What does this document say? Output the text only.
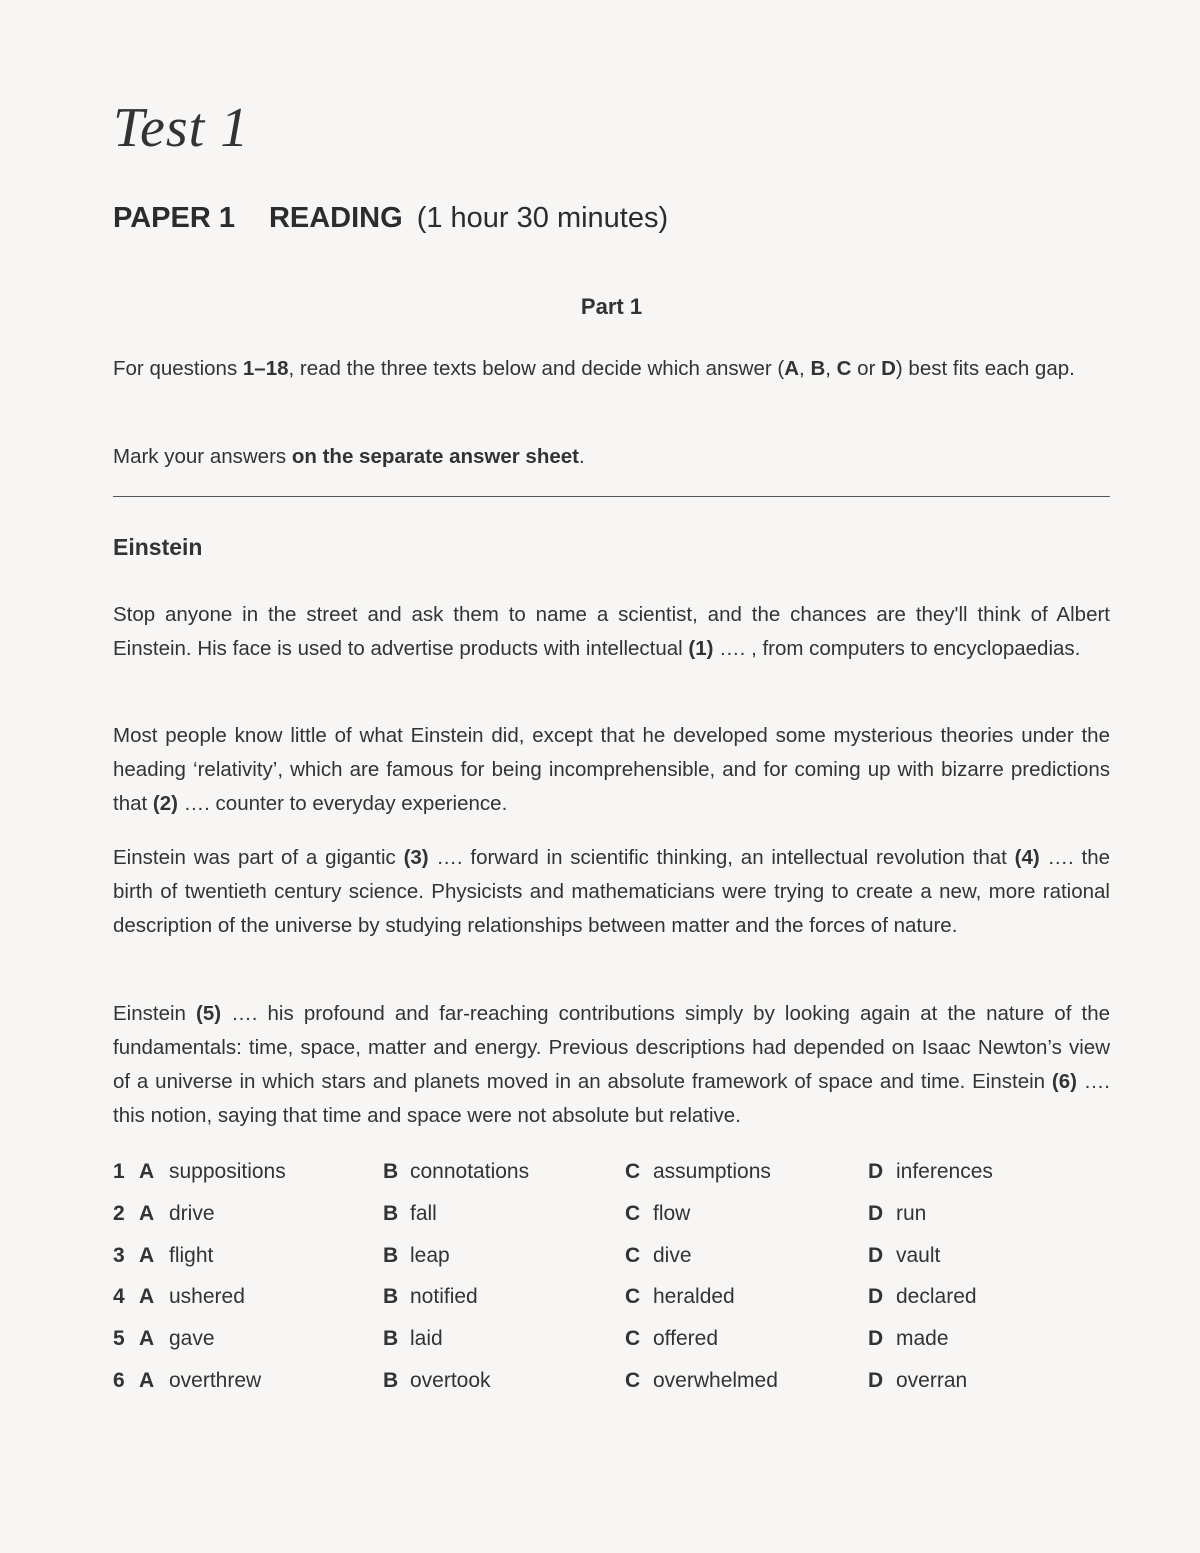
Test 1
PAPER 1 READING (1 hour 30 minutes)
Part 1

For questions 1–18, read the three texts below and decide which answer (A, B, C or D) best fits each gap.

Mark your answers on the separate answer sheet.

Einstein

Stop anyone in the street and ask them to name a scientist, and the chances are they'll think of Albert Einstein. His face is used to advertise products with intellectual (1) …. , from computers to encyclopaedias.

Most people know little of what Einstein did, except that he developed some mysterious theories under the heading ‘relativity’, which are famous for being incomprehensible, and for coming up with bizarre predictions that (2) …. counter to everyday experience.

Einstein was part of a gigantic (3) …. forward in scientific thinking, an intellectual revolution that (4) …. the birth of twentieth century science. Physicists and mathematicians were trying to create a new, more rational description of the universe by studying relationships between matter and the forces of nature.

Einstein (5) …. his profound and far-reaching contributions simply by looking again at the nature of the fundamentals: time, space, matter and energy. Previous descriptions had depended on Isaac Newton’s view of a universe in which stars and planets moved in an absolute framework of space and time. Einstein (6) …. this notion, saying that time and space were not absolute but relative.

1 A suppositions	B connotations	C assumptions	D inferences
2 A drive	B fall	C flow	D run
3 A flight	B leap	C dive	D vault
4 A ushered	B notified	C heralded	D declared
5 A gave	B laid	C offered	D made
6 A overthrew	B overtook	C overwhelmed	D overran
